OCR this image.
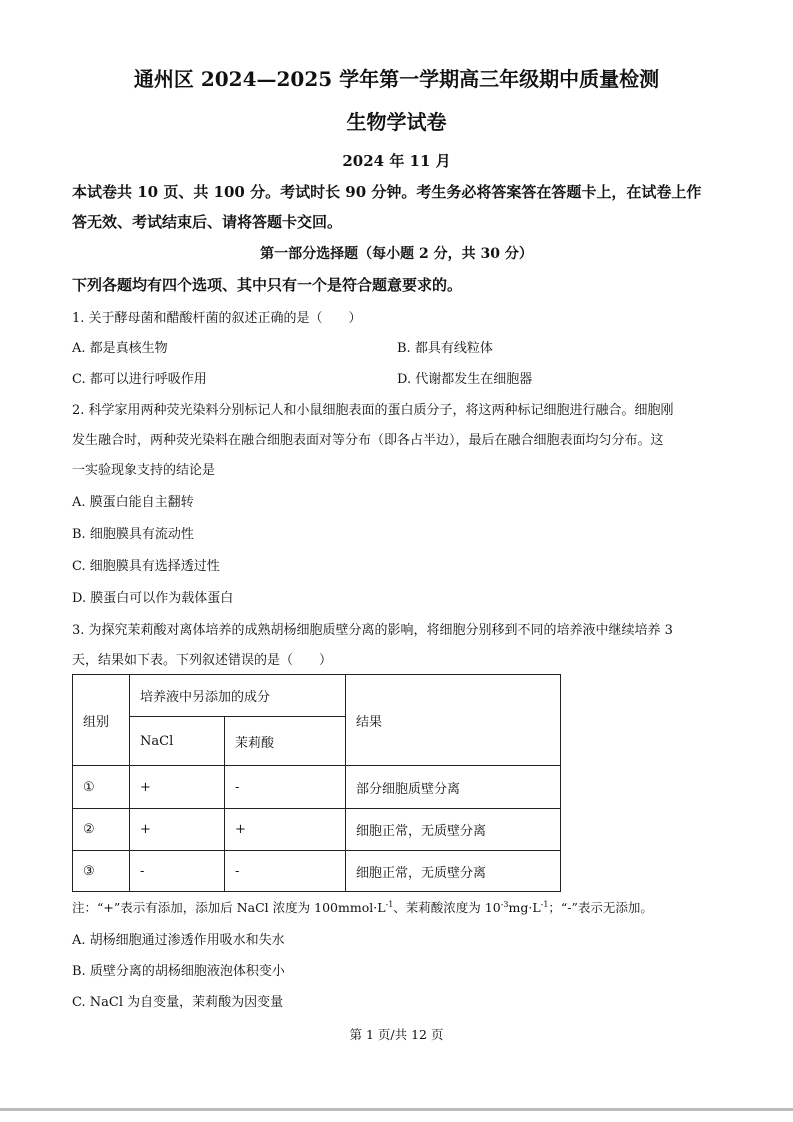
通州区 2024—2025 学年第一学期高三年级期中质量检测
生物学试卷
2024 年 11 月
本试卷共 10 页、共 100 分。考试时长 90 分钟。考生务必将答案答在答题卡上，在试卷上作
答无效、考试结束后、请将答题卡交回。
第一部分选择题（每小题 2 分，共 30 分）
下列各题均有四个选项、其中只有一个是符合题意要求的。
1. 关于酵母菌和醋酸杆菌的叙述正确的是（　　）
A. 都是真核生物	B. 都具有线粒体
C. 都可以进行呼吸作用	D. 代谢都发生在细胞器
2. 科学家用两种荧光染料分别标记人和小鼠细胞表面的蛋白质分子，将这两种标记细胞进行融合。细胞刚
发生融合时，两种荧光染料在融合细胞表面对等分布（即各占半边），最后在融合细胞表面均匀分布。这
一实验现象支持的结论是
A. 膜蛋白能自主翻转
B. 细胞膜具有流动性
C. 细胞膜具有选择透过性
D. 膜蛋白可以作为载体蛋白
3. 为探究茉莉酸对离体培养的成熟胡杨细胞质壁分离的影响，将细胞分别移到不同的培养液中继续培养 3
天，结果如下表。下列叙述错误的是（　　）
组别	培养液中另添加的成分		结果
	NaCl	茉莉酸	
①	+	-	部分细胞质壁分离
②	+	+	细胞正常，无质壁分离
③	-	-	细胞正常，无质壁分离
注：“+”表示有添加，添加后 NaCl 浓度为 $100mmol\cdot L^{-1}$、茉莉酸浓度为 $10^{-3}mg\cdot L^{-1}$；“-”表示无添加。
A. 胡杨细胞通过渗透作用吸水和失水
B. 质壁分离的胡杨细胞液泡体积变小
C. NaCl 为自变量，茉莉酸为因变量
第 1 页/共 12 页
